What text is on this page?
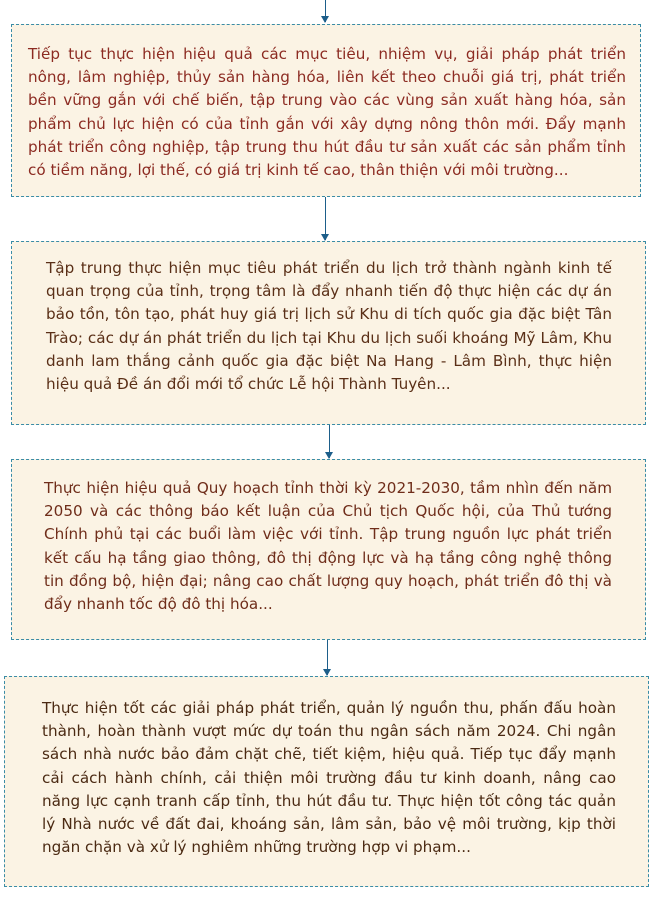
Tiếp tục thực hiện hiệu quả các mục tiêu, nhiệm vụ, giải pháp phát triển nông, lâm nghiệp, thủy sản hàng hóa, liên kết theo chuỗi giá trị, phát triển bền vững gắn với chế biến, tập trung vào các vùng sản xuất hàng hóa, sản phẩm chủ lực hiện có của tỉnh gắn với xây dựng nông thôn mới. Đẩy mạnh phát triển công nghiệp, tập trung thu hút đầu tư sản xuất các sản phẩm tỉnh có tiềm năng, lợi thế, có giá trị kinh tế cao, thân thiện với môi trường...

Tập trung thực hiện mục tiêu phát triển du lịch trở thành ngành kinh tế quan trọng của tỉnh, trọng tâm là đẩy nhanh tiến độ thực hiện các dự án bảo tồn, tôn tạo, phát huy giá trị lịch sử Khu di tích quốc gia đặc biệt Tân Trào; các dự án phát triển du lịch tại Khu du lịch suối khoáng Mỹ Lâm, Khu danh lam thắng cảnh quốc gia đặc biệt Na Hang - Lâm Bình, thực hiện hiệu quả Đề án đổi mới tổ chức Lễ hội Thành Tuyên...

Thực hiện hiệu quả Quy hoạch tỉnh thời kỳ 2021-2030, tầm nhìn đến năm 2050 và các thông báo kết luận của Chủ tịch Quốc hội, của Thủ tướng Chính phủ tại các buổi làm việc với tỉnh. Tập trung nguồn lực phát triển kết cấu hạ tầng giao thông, đô thị động lực và hạ tầng công nghệ thông tin đồng bộ, hiện đại; nâng cao chất lượng quy hoạch, phát triển đô thị và đẩy nhanh tốc độ đô thị hóa...

Thực hiện tốt các giải pháp phát triển, quản lý nguồn thu, phấn đấu hoàn thành, hoàn thành vượt mức dự toán thu ngân sách năm 2024. Chi ngân sách nhà nước bảo đảm chặt chẽ, tiết kiệm, hiệu quả. Tiếp tục đẩy mạnh cải cách hành chính, cải thiện môi trường đầu tư kinh doanh, nâng cao năng lực cạnh tranh cấp tỉnh, thu hút đầu tư. Thực hiện tốt công tác quản lý Nhà nước về đất đai, khoáng sản, lâm sản, bảo vệ môi trường, kịp thời ngăn chặn và xử lý nghiêm những trường hợp vi phạm...
